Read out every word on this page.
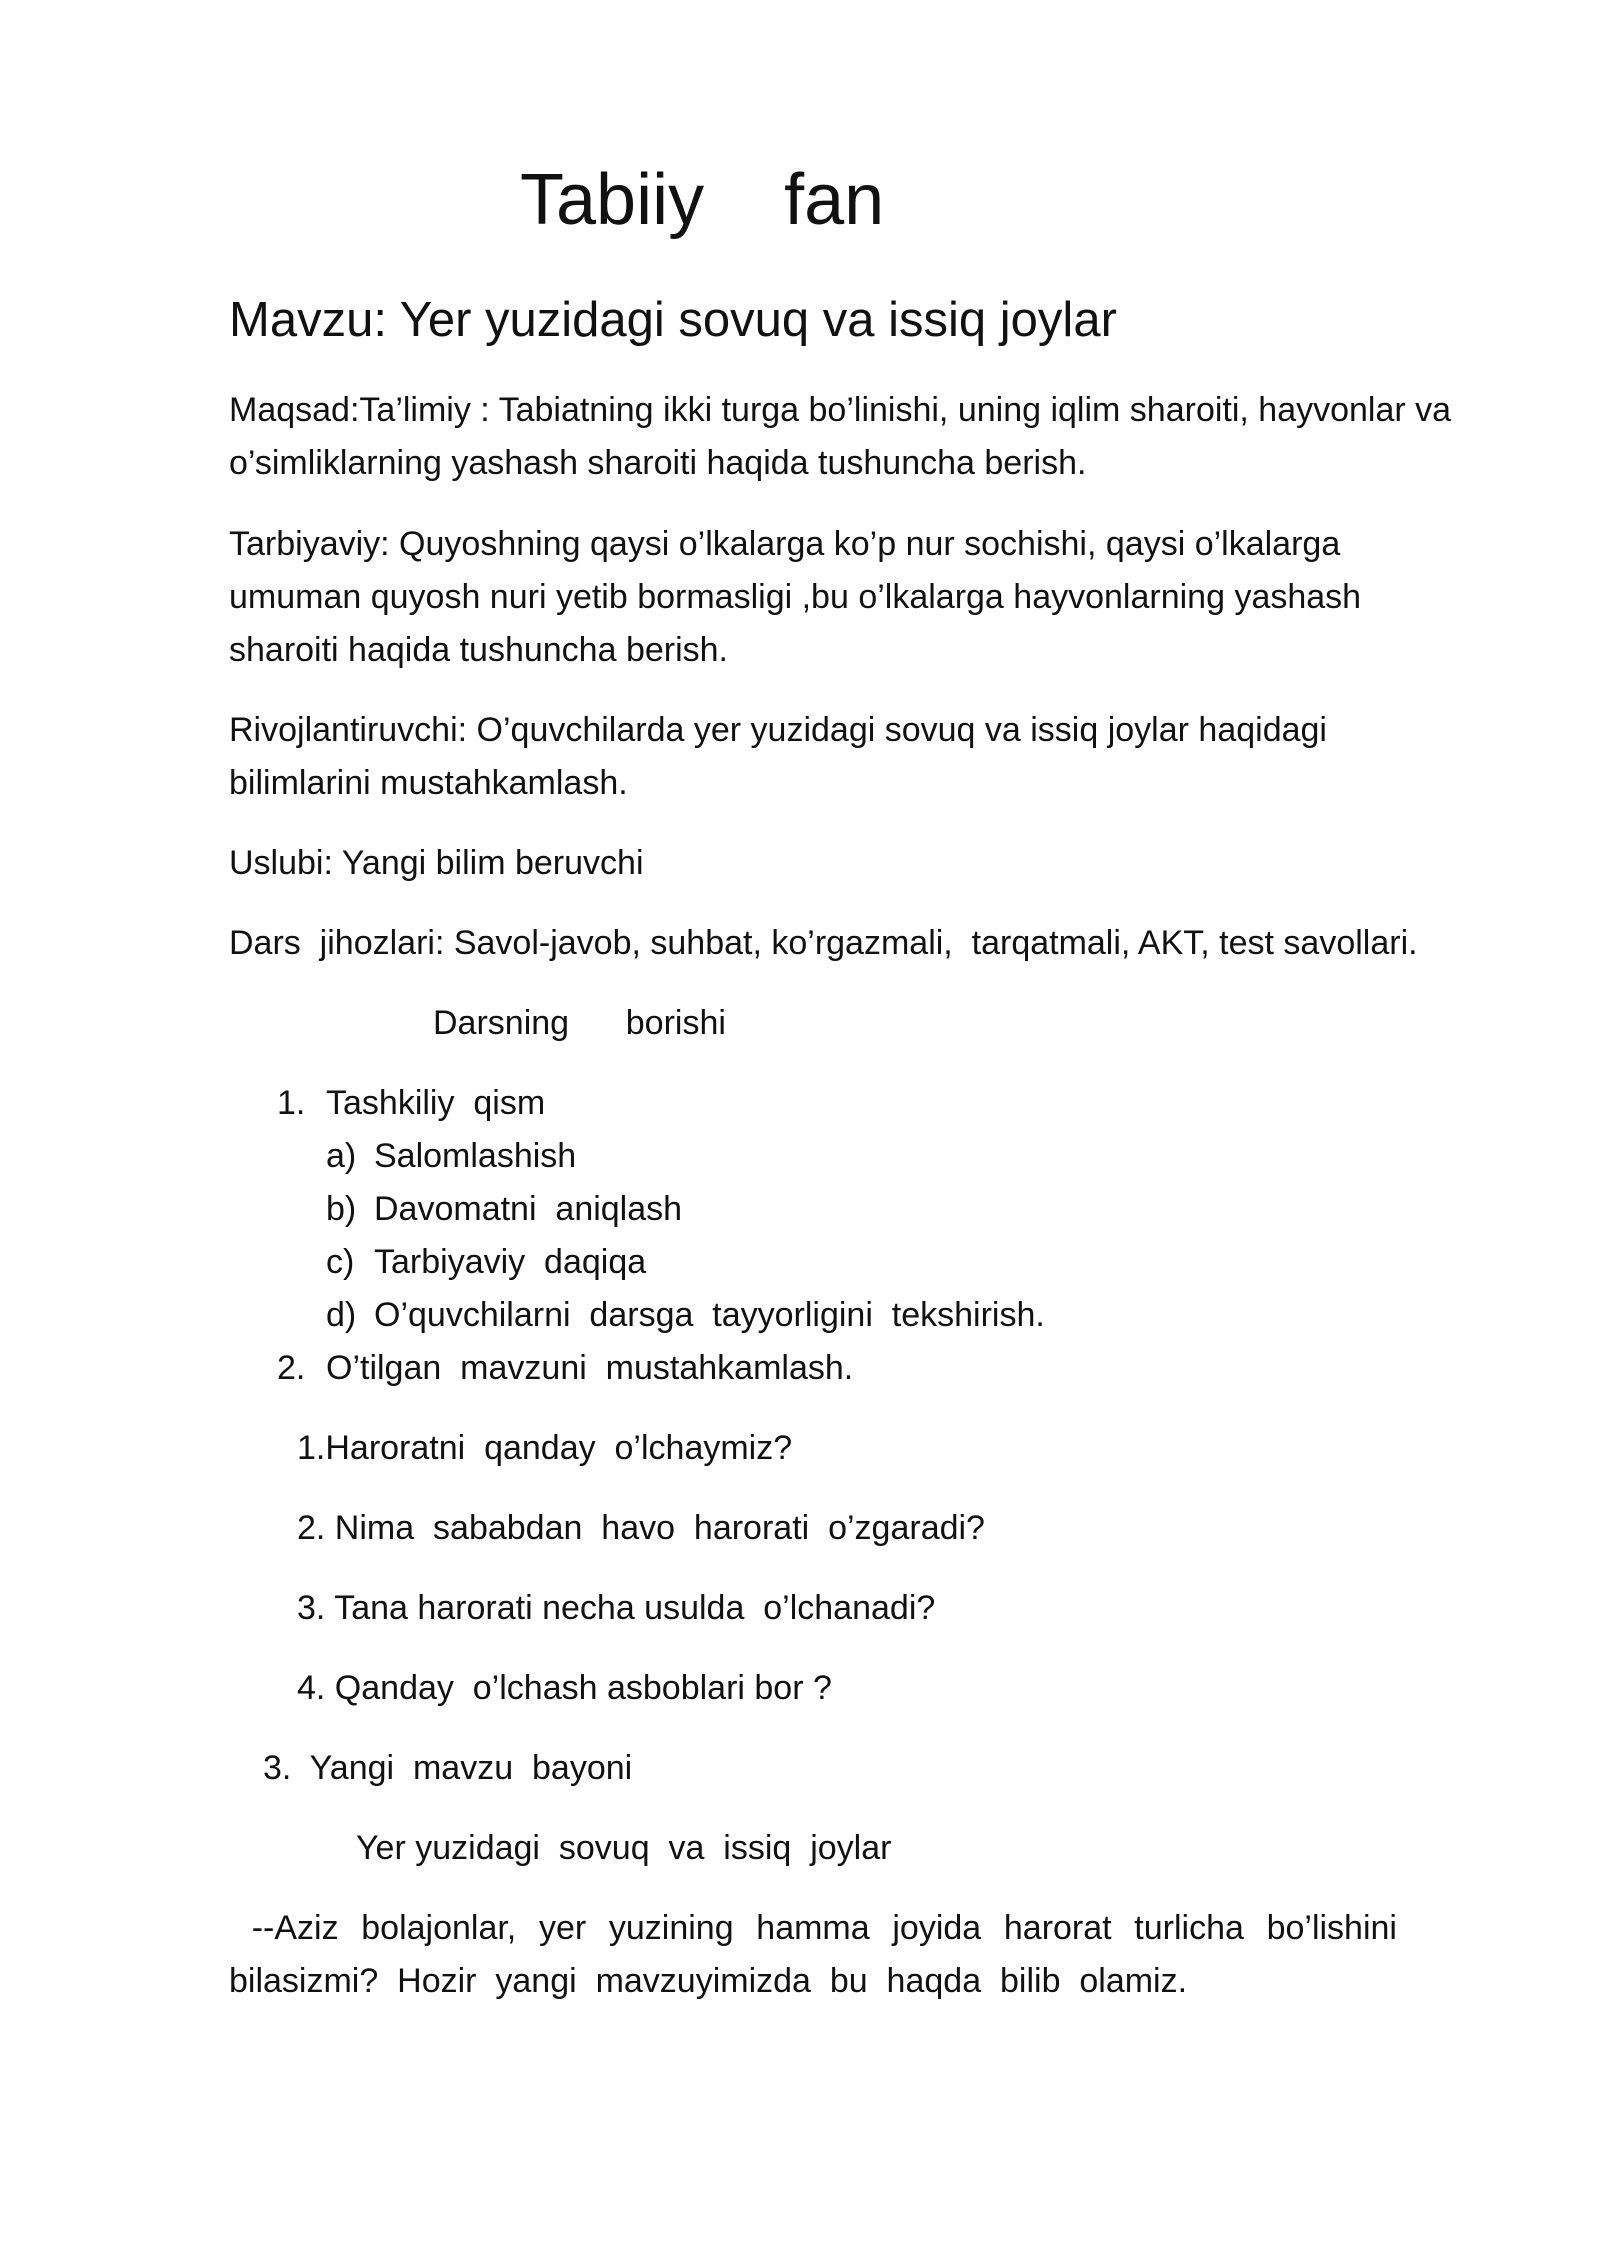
Tabiiy    fan
Mavzu: Yer yuzidagi sovuq va issiq joylar

Maqsad:Ta’limiy : Tabiatning ikki turga bo’linishi, uning iqlim sharoiti, hayvonlar va  o’simliklarning yashash sharoiti haqida tushuncha berish.

Tarbiyaviy: Quyoshning qaysi o’lkalarga ko’p nur sochishi, qaysi o’lkalarga umuman quyosh nuri yetib bormasligi ,bu o’lkalarga hayvonlarning yashash sharoiti haqida tushuncha berish.

Rivojlantiruvchi: O’quvchilarda yer yuzidagi sovuq va issiq joylar haqidagi bilimlarini mustahkamlash.

Uslubi: Yangi bilim beruvchi

Dars  jihozlari: Savol-javob, suhbat, ko’rgazmali,  tarqatmali, AKT, test savollari.

Darsning      borishi

1. Tashkiliy  qism
a) Salomlashish
b) Davomatni  aniqlash
c) Tarbiyaviy  daqiqa
d) O’quvchilarni  darsga  tayyorligini  tekshirish.
2. O’tilgan  mavzuni  mustahkamlash.

1.Haroratni  qanday  o’lchaymiz?

2. Nima  sababdan  havo  harorati  o’zgaradi?

3. Tana harorati necha usulda  o’lchanadi?

4. Qanday  o’lchash asboblari bor ?

3.  Yangi  mavzu  bayoni

Yer yuzidagi  sovuq  va  issiq  joylar

--Aziz  bolajonlar,  yer  yuzining  hamma  joyida  harorat  turlicha  bo’lishini bilasizmi?  Hozir  yangi  mavzuyimizda  bu  haqda  bilib  olamiz.
